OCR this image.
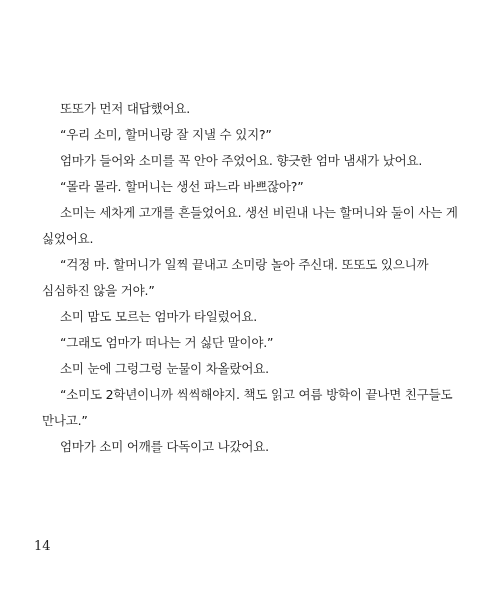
또또가 먼저 대답했어요.

“우리 소미, 할머니랑 잘 지낼 수 있지?”

엄마가 들어와 소미를 꼭 안아 주었어요. 향긋한 엄마 냄새가 났어요.

“몰라 몰라. 할머니는 생선 파느라 바쁘잖아?”

소미는 세차게 고개를 흔들었어요. 생선 비린내 나는 할머니와 둘이 사는 게 싫었어요.

“걱정 마. 할머니가 일찍 끝내고 소미랑 놀아 주신대. 또또도 있으니까 심심하진 않을 거야.”

소미 맘도 모르는 엄마가 타일렀어요.

“그래도 엄마가 떠나는 거 싫단 말이야.”

소미 눈에 그렁그렁 눈물이 차올랐어요.

“소미도 2학년이니까 씩씩해야지. 책도 읽고 여름 방학이 끝나면 친구들도 만나고.”

엄마가 소미 어깨를 다독이고 나갔어요.

14
